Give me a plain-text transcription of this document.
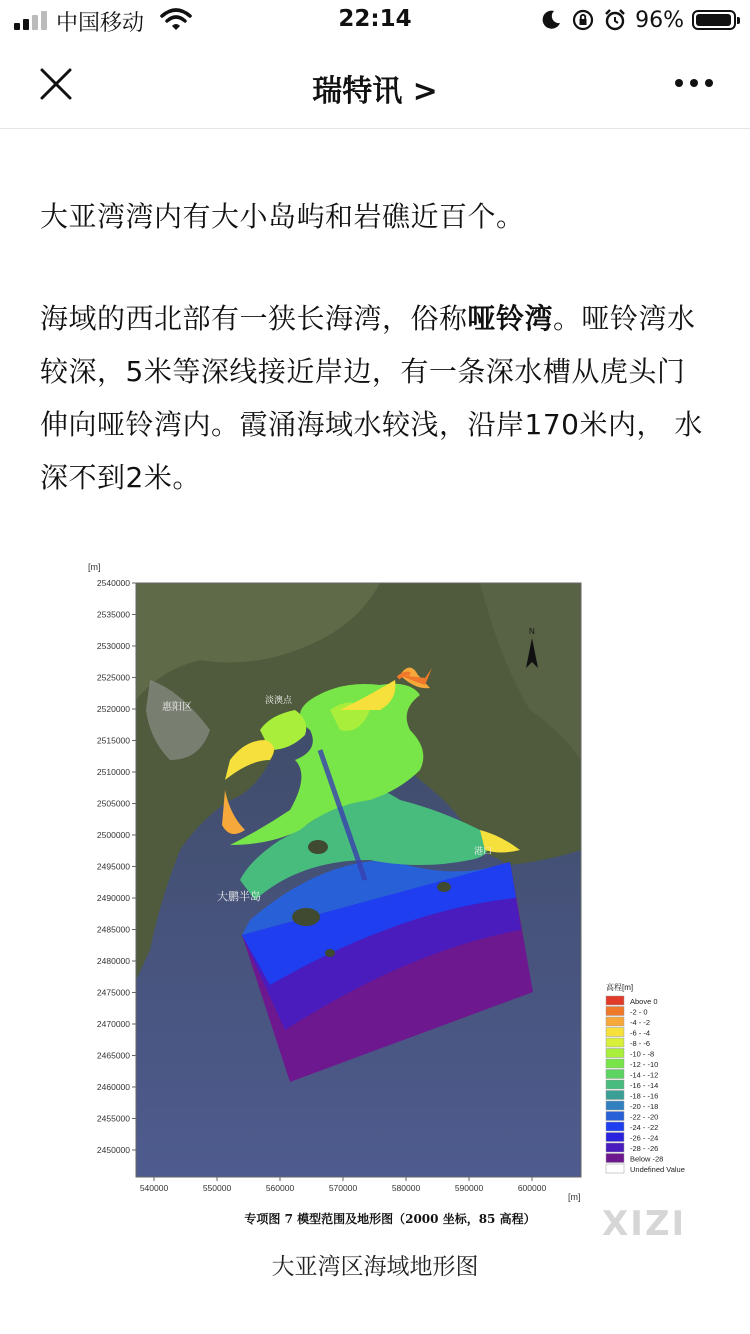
中国移动	22:14	96%
瑞特讯 >

大亚湾湾内有大小岛屿和岩礁近百个。

海域的西北部有一狭长海湾，俗称哑铃湾。哑铃湾水较深，5米等深线接近岸边，有一条深水槽从虎头门伸向哑铃湾内。霞涌海域水较浅，沿岸170米内， 水深不到2米。

[m]
惠阳区
淡澳点
大鹏半岛
港口
N
2540000
2535000
2530000
2525000
2520000
2515000
2510000
2505000
2500000
2495000
2490000
2485000
2480000
2475000
2470000
2465000
2460000
2455000
2450000
540000	550000	560000	570000	580000	590000	600000
[m]
高程[m]
Above 0
-2 - 0
-4 - -2
-6 - -4
-8 - -6
-10 - -8
-12 - -10
-14 - -12
-16 - -14
-18 - -16
-20 - -18
-22 - -20
-24 - -22
-26 - -24
-28 - -26
Below -28
Undefined Value
专项图 7 模型范围及地形图（2000 坐标，85 高程）	XIZI
大亚湾区海域地形图
